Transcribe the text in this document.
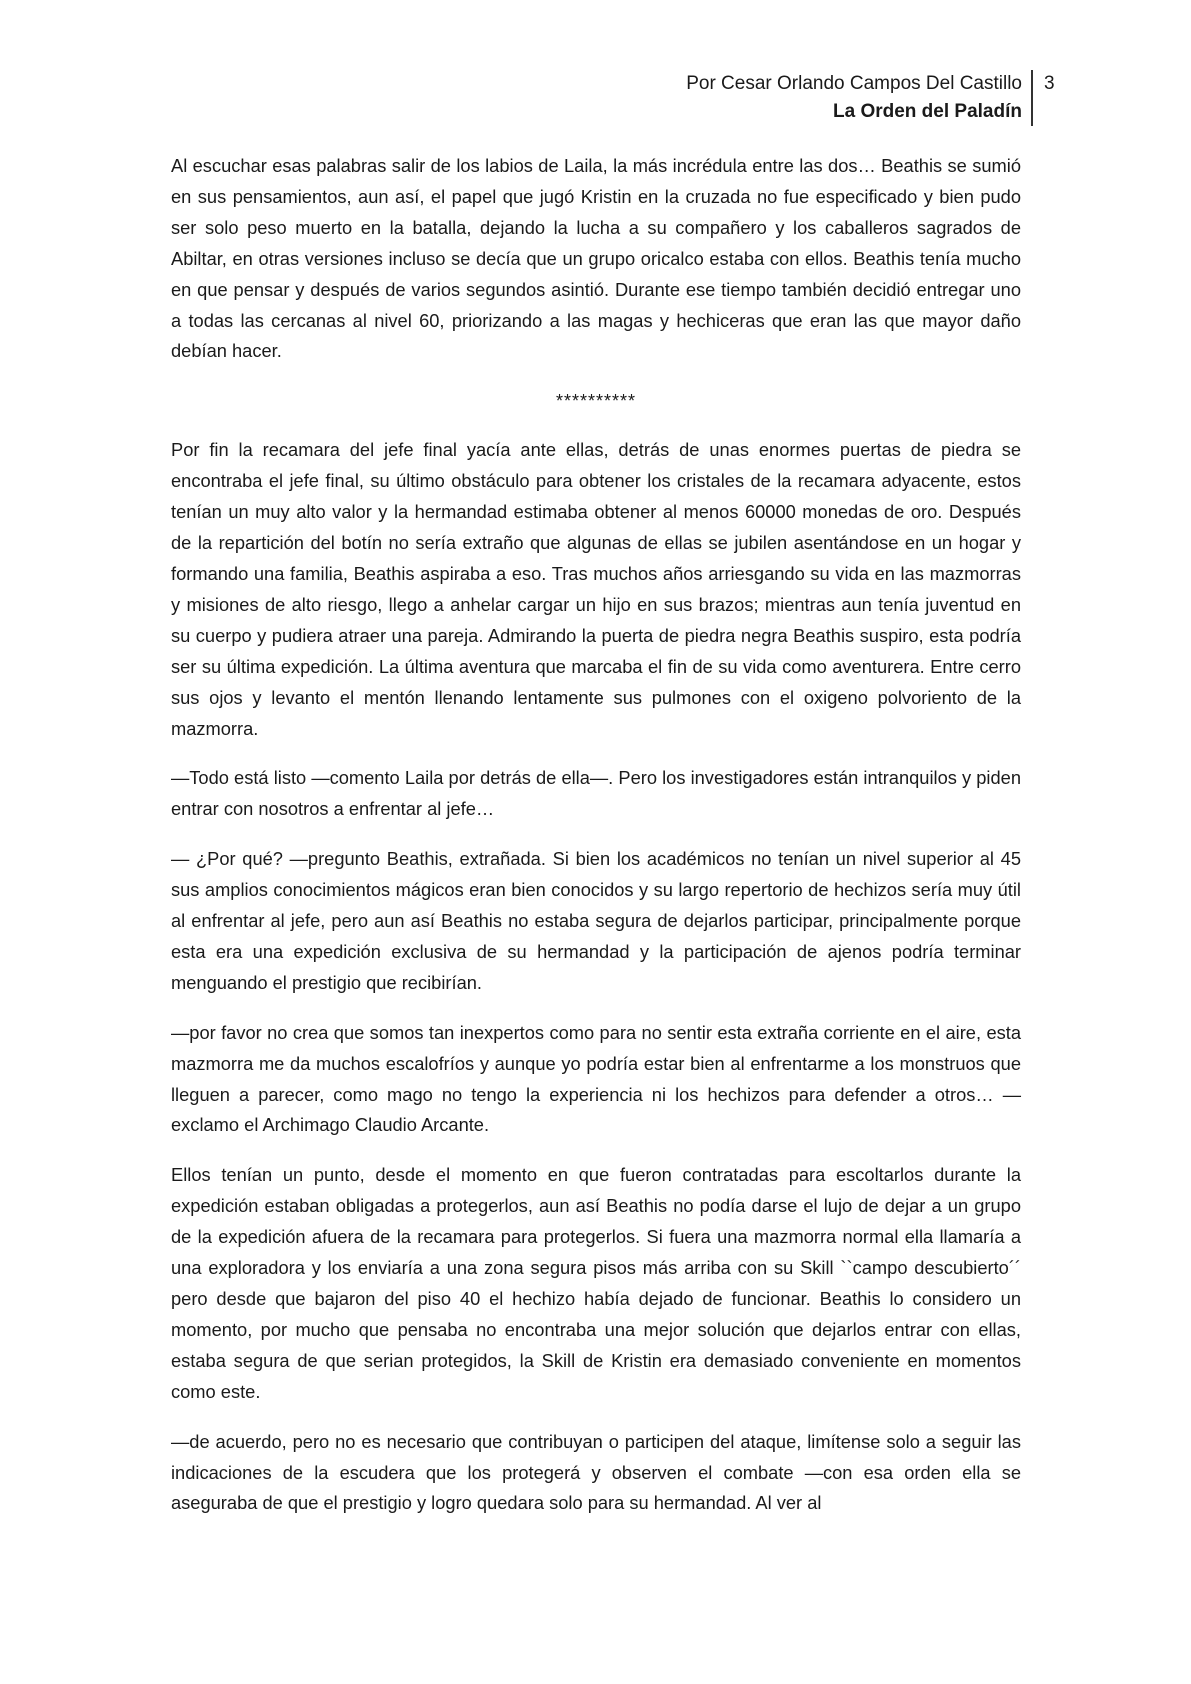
Por Cesar Orlando Campos Del Castillo
La Orden del Paladín
3

Al escuchar esas palabras salir de los labios de Laila, la más incrédula entre las dos… Beathis se sumió en sus pensamientos, aun así, el papel que jugó Kristin en la cruzada no fue especificado y bien pudo ser solo peso muerto en la batalla, dejando la lucha a su compañero y los caballeros sagrados de Abiltar, en otras versiones incluso se decía que un grupo oricalco estaba con ellos. Beathis tenía mucho en que pensar y después de varios segundos asintió. Durante ese tiempo también decidió entregar uno a todas las cercanas al nivel 60, priorizando a las magas y hechiceras que eran las que mayor daño debían hacer.

**********

Por fin la recamara del jefe final yacía ante ellas, detrás de unas enormes puertas de piedra se encontraba el jefe final, su último obstáculo para obtener los cristales de la recamara adyacente, estos tenían un muy alto valor y la hermandad estimaba obtener al menos 60000 monedas de oro. Después de la repartición del botín no sería extraño que algunas de ellas se jubilen asentándose en un hogar y formando una familia, Beathis aspiraba a eso. Tras muchos años arriesgando su vida en las mazmorras y misiones de alto riesgo, llego a anhelar cargar un hijo en sus brazos; mientras aun tenía juventud en su cuerpo y pudiera atraer una pareja. Admirando la puerta de piedra negra Beathis suspiro, esta podría ser su última expedición. La última aventura que marcaba el fin de su vida como aventurera. Entre cerro sus ojos y levanto el mentón llenando lentamente sus pulmones con el oxigeno polvoriento de la mazmorra.

—Todo está listo —comento Laila por detrás de ella—. Pero los investigadores están intranquilos y piden entrar con nosotros a enfrentar al jefe…

— ¿Por qué? —pregunto Beathis, extrañada. Si bien los académicos no tenían un nivel superior al 45 sus amplios conocimientos mágicos eran bien conocidos y su largo repertorio de hechizos sería muy útil al enfrentar al jefe, pero aun así Beathis no estaba segura de dejarlos participar, principalmente porque esta era una expedición exclusiva de su hermandad y la participación de ajenos podría terminar menguando el prestigio que recibirían.

—por favor no crea que somos tan inexpertos como para no sentir esta extraña corriente en el aire, esta mazmorra me da muchos escalofríos y aunque yo podría estar bien al enfrentarme a los monstruos que lleguen a parecer, como mago no tengo la experiencia ni los hechizos para defender a otros… —exclamo el Archimago Claudio Arcante.

Ellos tenían un punto, desde el momento en que fueron contratadas para escoltarlos durante la expedición estaban obligadas a protegerlos, aun así Beathis no podía darse el lujo de dejar a un grupo de la expedición afuera de la recamara para protegerlos. Si fuera una mazmorra normal ella llamaría a una exploradora y los enviaría a una zona segura pisos más arriba con su Skill ``campo descubierto´´ pero desde que bajaron del piso 40 el hechizo había dejado de funcionar. Beathis lo considero un momento, por mucho que pensaba no encontraba una mejor solución que dejarlos entrar con ellas, estaba segura de que serian protegidos, la Skill de Kristin era demasiado conveniente en momentos como este.

—de acuerdo, pero no es necesario que contribuyan o participen del ataque, limítense solo a seguir las indicaciones de la escudera que los protegerá y observen el combate —con esa orden ella se aseguraba de que el prestigio y logro quedara solo para su hermandad. Al ver al
